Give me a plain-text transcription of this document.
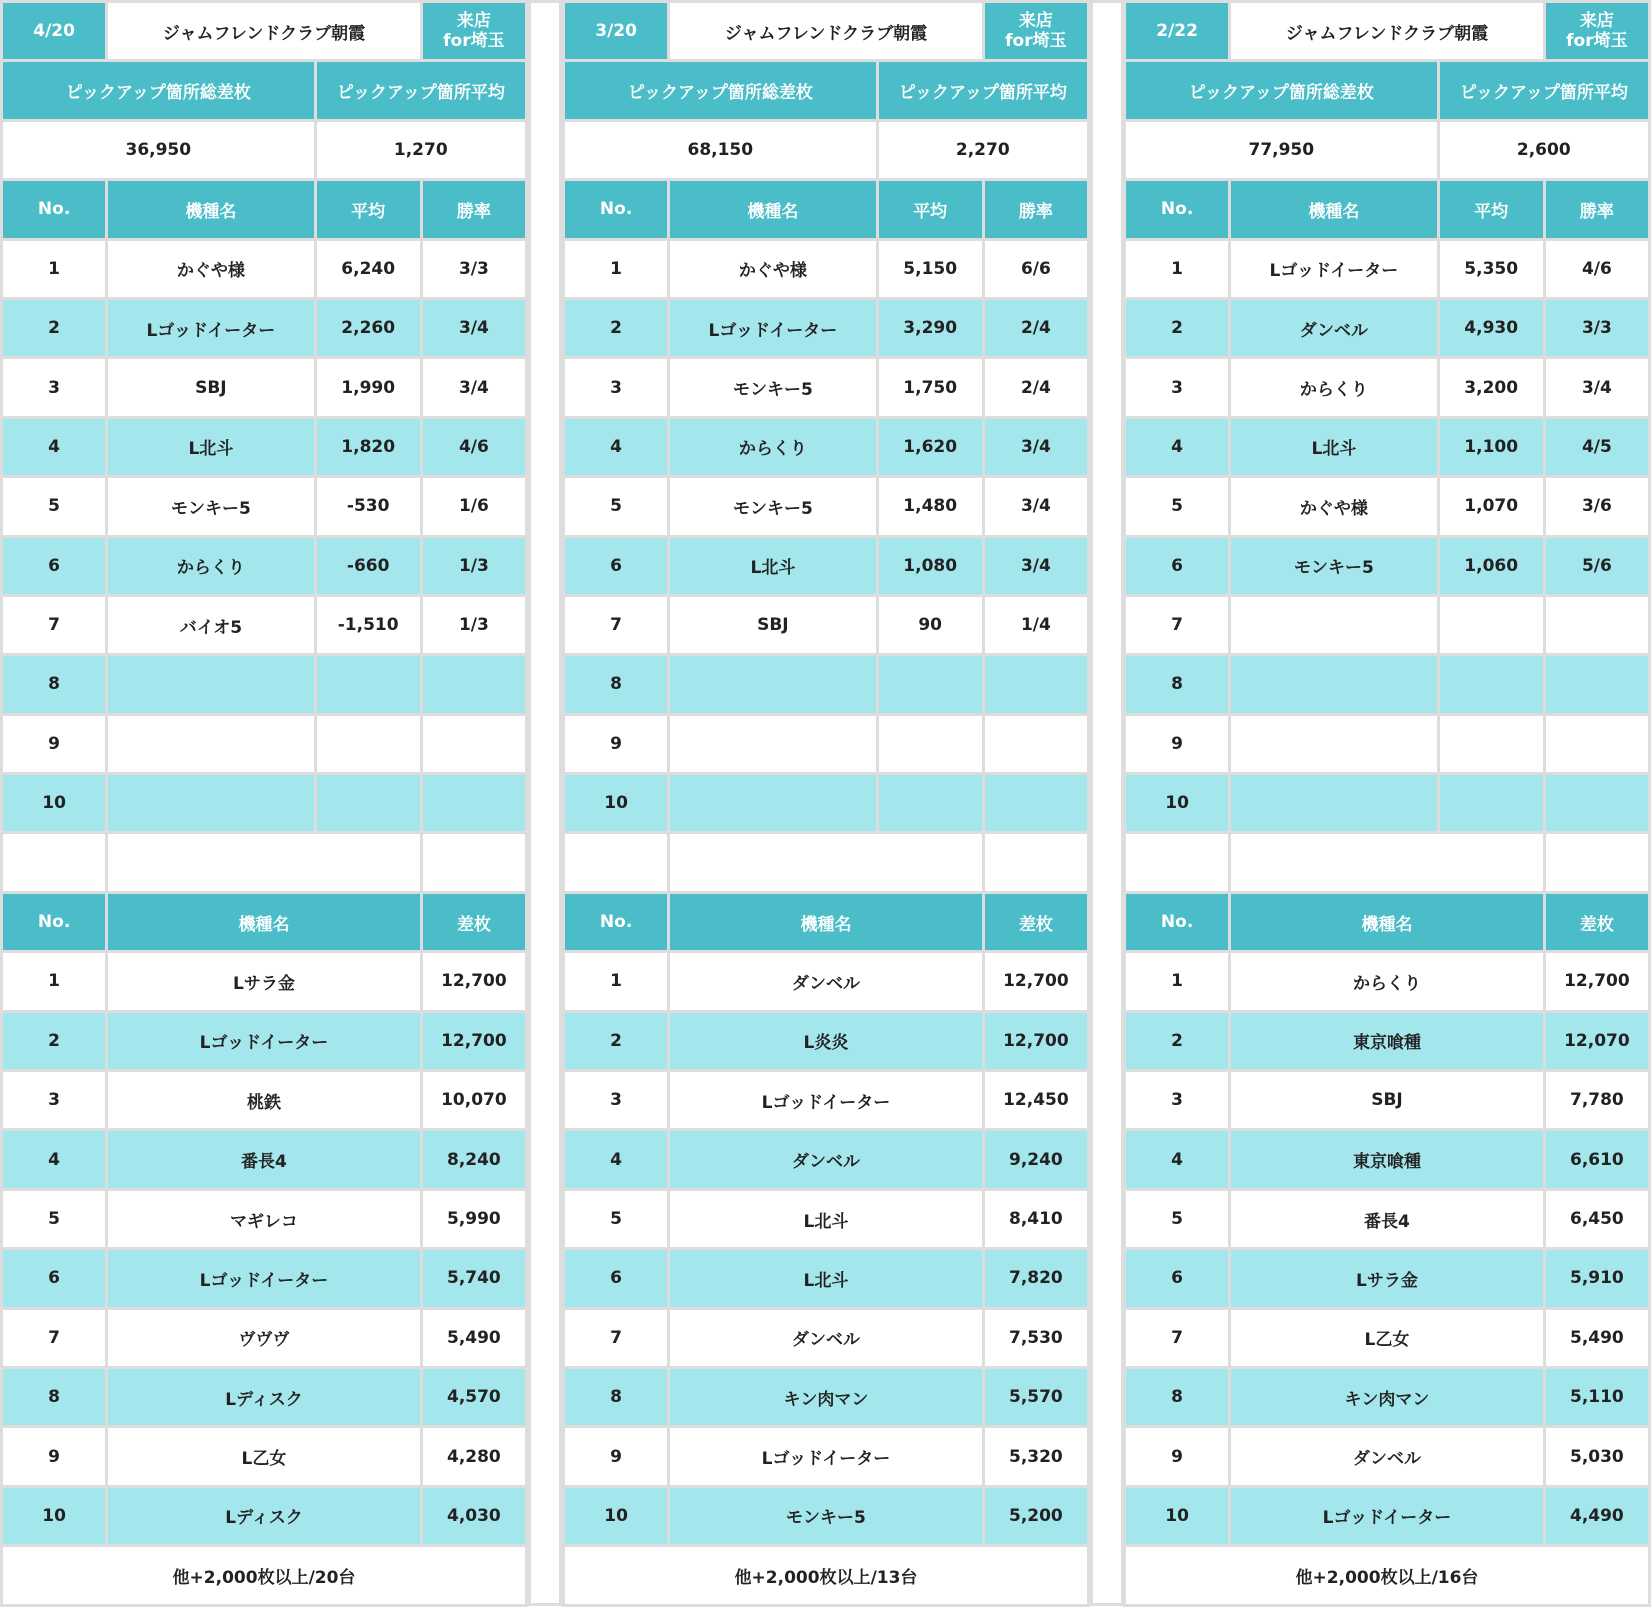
4/20	ジャムフレンドクラブ朝霞		来店
for埼玉
ピックアップ箇所総差枚		ピックアップ箇所平均	
36,950		1,270	
No.	機種名	平均	勝率
1	かぐや様	6,240	3/3
2	Lゴッドイーター	2,260	3/4
3	SBJ	1,990	3/4
4	L北斗	1,820	4/6
5	モンキー5	-530	1/6
6	からくり	-660	1/3
7	バイオ5	-1,510	1/3
8			
9			
10			

No.	機種名		差枚
1	Lサラ金		12,700
2	Lゴッドイーター		12,700
3	桃鉄		10,070
4	番長4		8,240
5	マギレコ		5,990
6	Lゴッドイーター		5,740
7	ヴヴヴ		5,490
8	Lディスク		4,570
9	L乙女		4,280
10	Lディスク		4,030
他+2,000枚以上/20台			
3/20	ジャムフレンドクラブ朝霞		来店
for埼玉
ピックアップ箇所総差枚		ピックアップ箇所平均	
68,150		2,270	
No.	機種名	平均	勝率
1	かぐや様	5,150	6/6
2	Lゴッドイーター	3,290	2/4
3	モンキー5	1,750	2/4
4	からくり	1,620	3/4
5	モンキー5	1,480	3/4
6	L北斗	1,080	3/4
7	SBJ	90	1/4
8			
9			
10			

No.	機種名		差枚
1	ダンベル		12,700
2	L炎炎		12,700
3	Lゴッドイーター		12,450
4	ダンベル		9,240
5	L北斗		8,410
6	L北斗		7,820
7	ダンベル		7,530
8	キン肉マン		5,570
9	Lゴッドイーター		5,320
10	モンキー5		5,200
他+2,000枚以上/13台			
2/22	ジャムフレンドクラブ朝霞		来店
for埼玉
ピックアップ箇所総差枚		ピックアップ箇所平均	
77,950		2,600	
No.	機種名	平均	勝率
1	Lゴッドイーター	5,350	4/6
2	ダンベル	4,930	3/3
3	からくり	3,200	3/4
4	L北斗	1,100	4/5
5	かぐや様	1,070	3/6
6	モンキー5	1,060	5/6
7			
8			
9			
10			

No.	機種名		差枚
1	からくり		12,700
2	東京喰種		12,070
3	SBJ		7,780
4	東京喰種		6,610
5	番長4		6,450
6	Lサラ金		5,910
7	L乙女		5,490
8	キン肉マン		5,110
9	ダンベル		5,030
10	Lゴッドイーター		4,490
他+2,000枚以上/16台			
